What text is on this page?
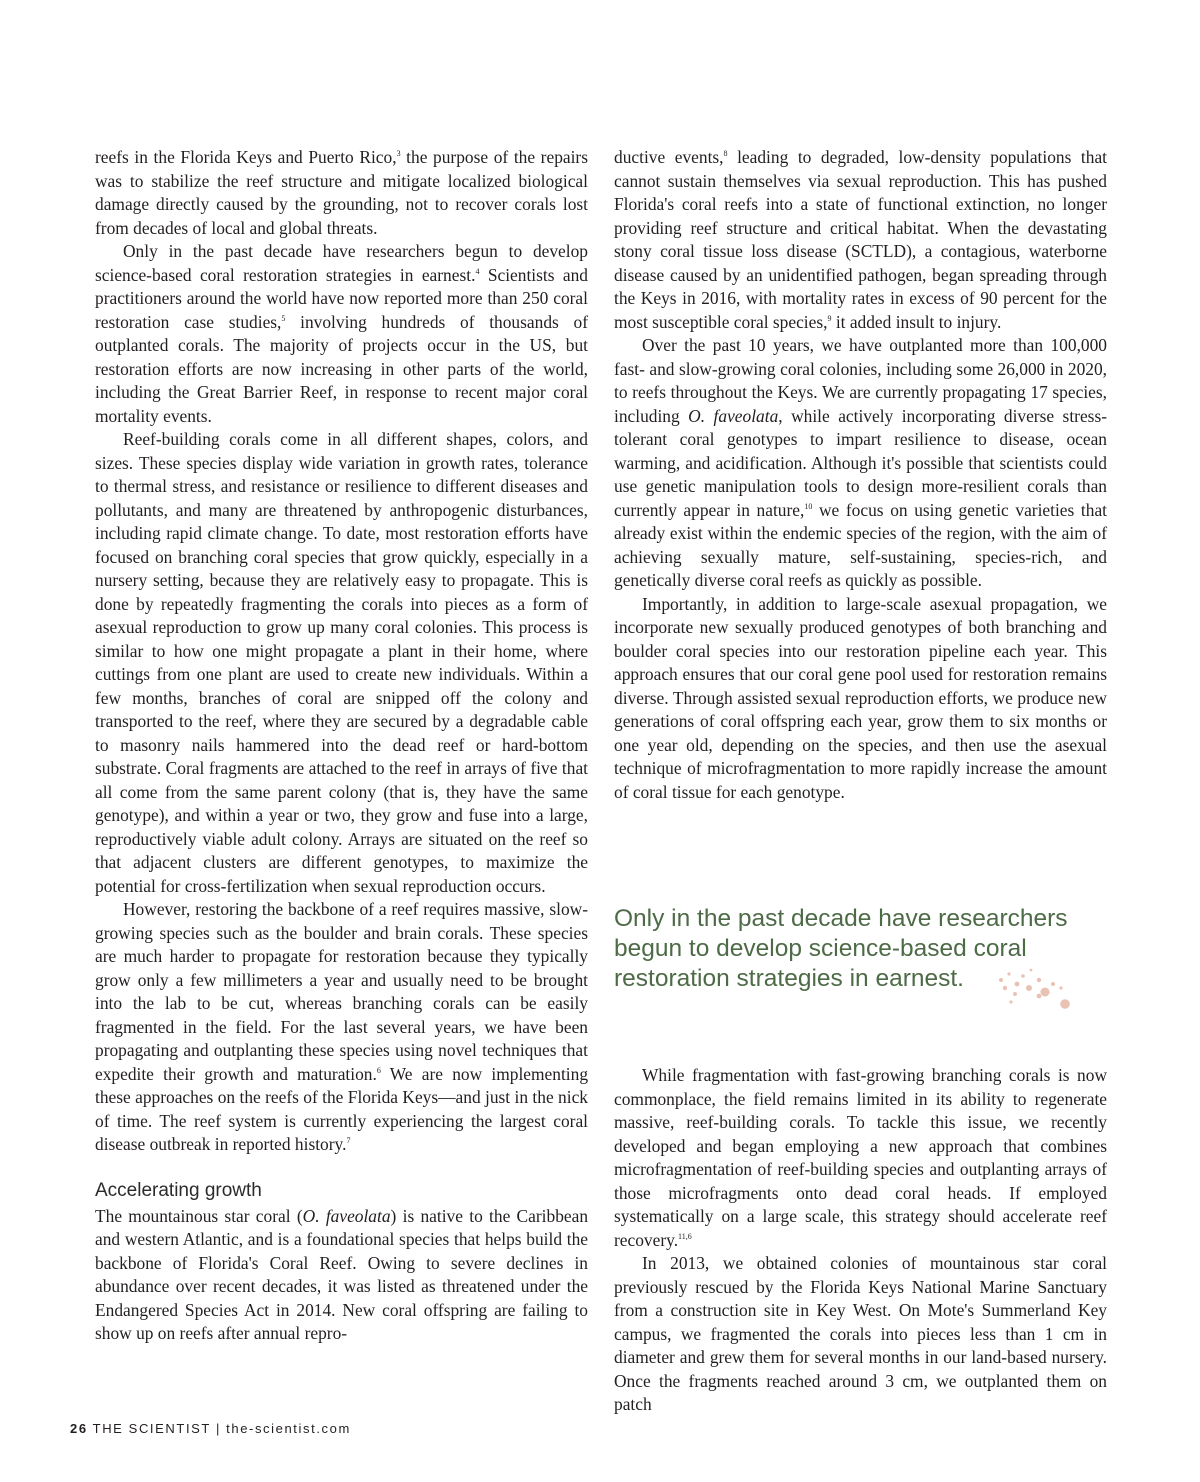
reefs in the Florida Keys and Puerto Rico,$^3$ the purpose of the repairs was to stabilize the reef structure and mitigate localized biological damage directly caused by the grounding, not to recover corals lost from decades of local and global threats.

Only in the past decade have researchers begun to develop science-based coral restoration strategies in earnest.$^4$ Scientists and practitioners around the world have now reported more than 250 coral restoration case studies,$^5$ involving hundreds of thousands of outplanted corals. The majority of projects occur in the US, but restoration efforts are now increasing in other parts of the world, including the Great Barrier Reef, in response to recent major coral mortality events.

Reef-building corals come in all different shapes, colors, and sizes. These species display wide variation in growth rates, tolerance to thermal stress, and resistance or resilience to different diseases and pollutants, and many are threatened by anthropogenic disturbances, including rapid climate change. To date, most restoration efforts have focused on branching coral species that grow quickly, especially in a nursery setting, because they are relatively easy to propagate. This is done by repeatedly fragmenting the corals into pieces as a form of asexual reproduction to grow up many coral colonies. This process is similar to how one might propagate a plant in their home, where cuttings from one plant are used to create new individuals. Within a few months, branches of coral are snipped off the colony and transported to the reef, where they are secured by a degradable cable to masonry nails hammered into the dead reef or hard-bottom substrate. Coral fragments are attached to the reef in arrays of five that all come from the same parent colony (that is, they have the same genotype), and within a year or two, they grow and fuse into a large, reproductively viable adult colony. Arrays are situated on the reef so that adjacent clusters are different genotypes, to maximize the potential for cross-fertilization when sexual reproduction occurs.

However, restoring the backbone of a reef requires massive, slow-growing species such as the boulder and brain corals. These species are much harder to propagate for restoration because they typically grow only a few millimeters a year and usually need to be brought into the lab to be cut, whereas branching corals can be easily fragmented in the field. For the last several years, we have been propagating and outplanting these species using novel techniques that expedite their growth and maturation.$^6$ We are now implementing these approaches on the reefs of the Florida Keys—and just in the nick of time. The reef system is currently experiencing the largest coral disease outbreak in reported history.$^7$

Accelerating growth

The mountainous star coral (O. faveolata) is native to the Caribbean and western Atlantic, and is a foundational species that helps build the backbone of Florida's Coral Reef. Owing to severe declines in abundance over recent decades, it was listed as threatened under the Endangered Species Act in 2014. New coral offspring are failing to show up on reefs after annual repro-

ductive events,$^8$ leading to degraded, low-density populations that cannot sustain themselves via sexual reproduction. This has pushed Florida's coral reefs into a state of functional extinction, no longer providing reef structure and critical habitat. When the devastating stony coral tissue loss disease (SCTLD), a contagious, waterborne disease caused by an unidentified pathogen, began spreading through the Keys in 2016, with mortality rates in excess of 90 percent for the most susceptible coral species,$^9$ it added insult to injury.

Over the past 10 years, we have outplanted more than 100,000 fast- and slow-growing coral colonies, including some 26,000 in 2020, to reefs throughout the Keys. We are currently propagating 17 species, including O. faveolata, while actively incorporating diverse stress-tolerant coral genotypes to impart resilience to disease, ocean warming, and acidification. Although it's possible that scientists could use genetic manipulation tools to design more-resilient corals than currently appear in nature,$^{10}$ we focus on using genetic varieties that already exist within the endemic species of the region, with the aim of achieving sexually mature, self-sustaining, species-rich, and genetically diverse coral reefs as quickly as possible.

Importantly, in addition to large-scale asexual propagation, we incorporate new sexually produced genotypes of both branching and boulder coral species into our restoration pipeline each year. This approach ensures that our coral gene pool used for restoration remains diverse. Through assisted sexual reproduction efforts, we produce new generations of coral offspring each year, grow them to six months or one year old, depending on the species, and then use the asexual technique of microfragmentation to more rapidly increase the amount of coral tissue for each genotype.

Only in the past decade have researchers begun to develop science-based coral restoration strategies in earnest.

While fragmentation with fast-growing branching corals is now commonplace, the field remains limited in its ability to regenerate massive, reef-building corals. To tackle this issue, we recently developed and began employing a new approach that combines microfragmentation of reef-building species and outplanting arrays of those microfragments onto dead coral heads. If employed systematically on a large scale, this strategy should accelerate reef recovery.$^{11,6}$

In 2013, we obtained colonies of mountainous star coral previously rescued by the Florida Keys National Marine Sanctuary from a construction site in Key West. On Mote's Summerland Key campus, we fragmented the corals into pieces less than 1 cm in diameter and grew them for several months in our land-based nursery. Once the fragments reached around 3 cm, we outplanted them on patch

26 THE SCIENTIST | the-scientist.com
